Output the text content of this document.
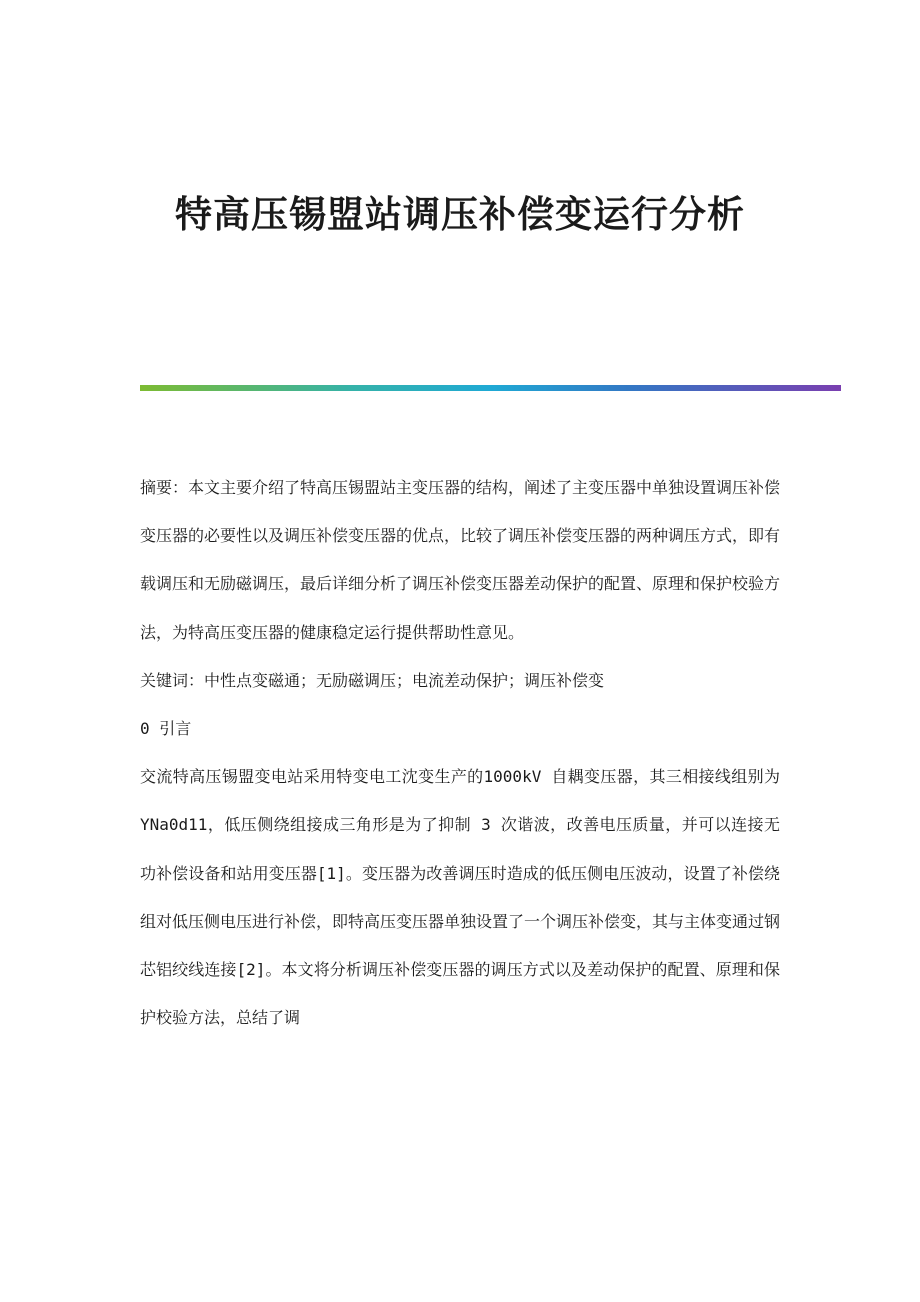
特高压锡盟站调压补偿变运行分析

摘要：本文主要介绍了特高压锡盟站主变压器的结构，阐述了主变压器中单独设置调压补偿变压器的必要性以及调压补偿变压器的优点，比较了调压补偿变压器的两种调压方式，即有载调压和无励磁调压，最后详细分析了调压补偿变压器差动保护的配置、原理和保护校验方法，为特高压变压器的健康稳定运行提供帮助性意见。

关键词：中性点变磁通；无励磁调压；电流差动保护；调压补偿变

0 引言

交流特高压锡盟变电站采用特变电工沈变生产的1000kV 自耦变压器，其三相接线组别为 YNa0d11，低压侧绕组接成三角形是为了抑制 3 次谐波，改善电压质量，并可以连接无功补偿设备和站用变压器[1]。变压器为改善调压时造成的低压侧电压波动，设置了补偿绕组对低压侧电压进行补偿，即特高压变压器单独设置了一个调压补偿变，其与主体变通过钢芯铝绞线连接[2]。本文将分析调压补偿变压器的调压方式以及差动保护的配置、原理和保护校验方法，总结了调
